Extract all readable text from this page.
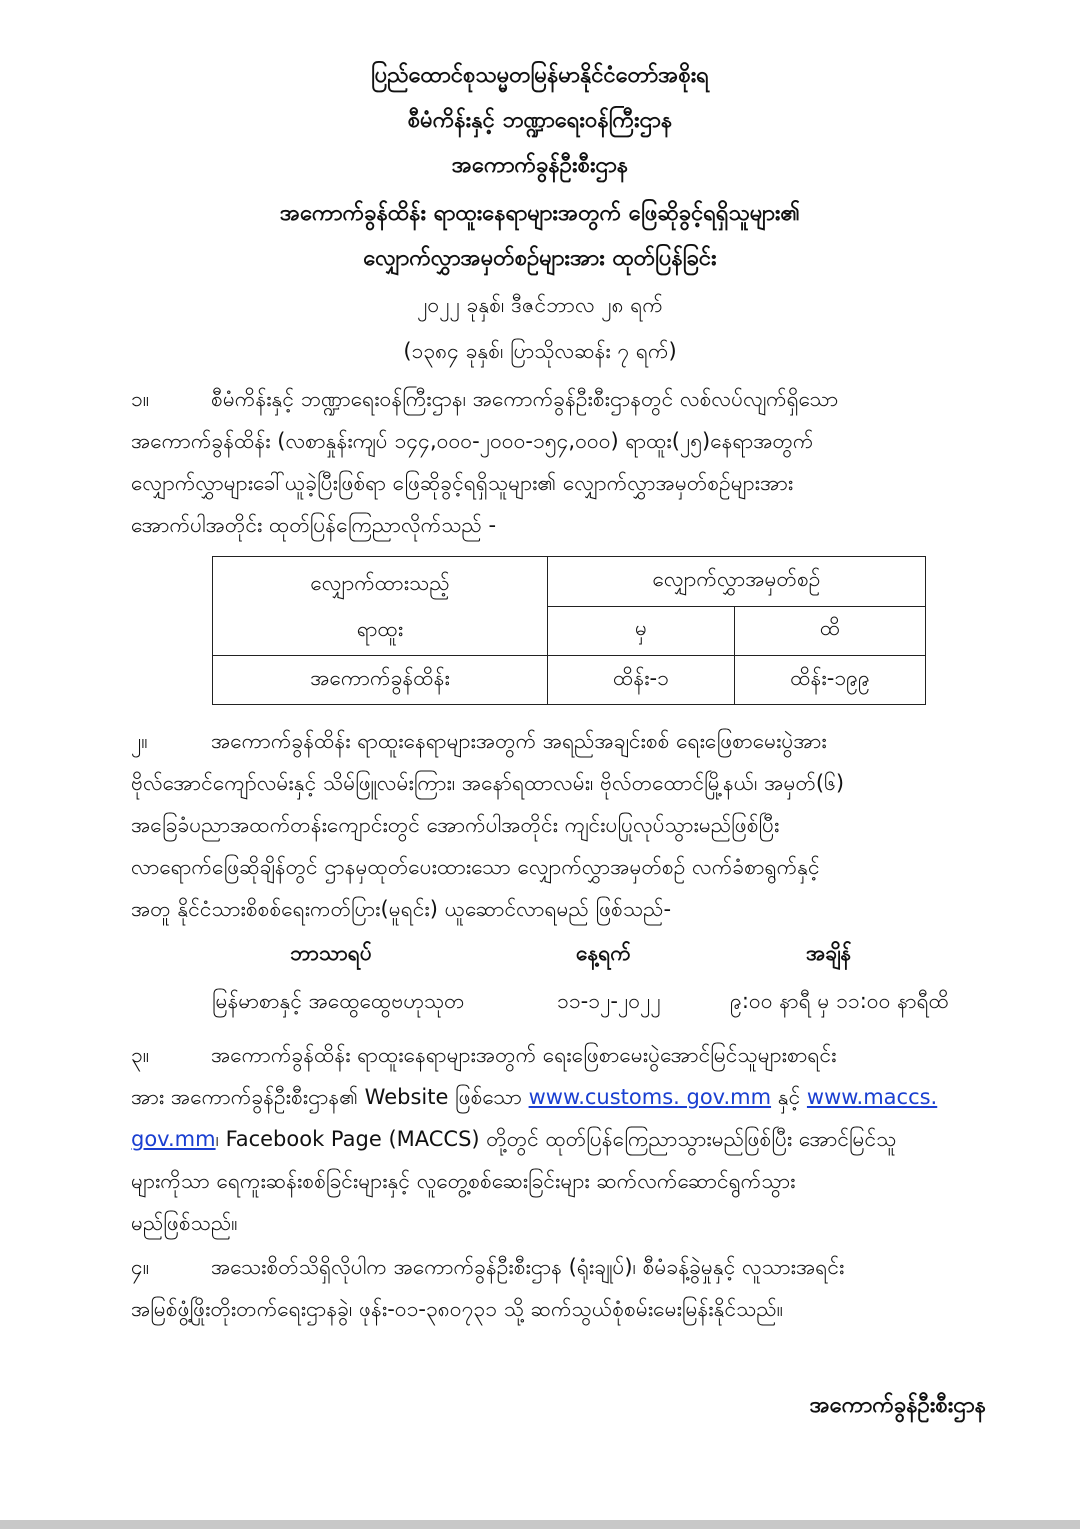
ပြည်ထောင်စုသမ္မတမြန်မာနိုင်ငံတော်အစိုးရ
စီမံကိန်းနှင့် ဘဏ္ဍာရေးဝန်ကြီးဌာန
အကောက်ခွန်ဦးစီးဌာန
အကောက်ခွန်ထိန်း ရာထူးနေရာများအတွက် ဖြေဆိုခွင့်ရရှိသူများ၏
လျှောက်လွှာအမှတ်စဉ်များအား ထုတ်ပြန်ခြင်း
၂၀၂၂ ခုနှစ်၊ ဒီဇင်ဘာလ ၂၈ ရက်
(၁၃၈၄ ခုနှစ်၊ ပြာသိုလဆန်း ၇ ရက်)
၁။	စီမံကိန်းနှင့် ဘဏ္ဍာရေးဝန်ကြီးဌာန၊ အကောက်ခွန်ဦးစီးဌာနတွင် လစ်လပ်လျက်ရှိသော
အကောက်ခွန်ထိန်း (လစာနှုန်းကျပ် ၁၄၄,၀၀၀-၂၀၀၀-၁၅၄,၀၀၀) ရာထူး(၂၅)နေရာအတွက်
လျှောက်လွှာများခေါ်ယူခဲ့ပြီးဖြစ်ရာ ဖြေဆိုခွင့်ရရှိသူများ၏ လျှောက်လွှာအမှတ်စဉ်များအား
အောက်ပါအတိုင်း ထုတ်ပြန်ကြေညာလိုက်သည် -
လျှောက်ထားသည့်
ရာထူး	လျှောက်လွှာအမှတ်စဉ်	
	မှ	ထိ
အကောက်ခွန်ထိန်း	ထိန်း-၁	ထိန်း-၁၉၉
၂။	အကောက်ခွန်ထိန်း ရာထူးနေရာများအတွက် အရည်အချင်းစစ် ရေးဖြေစာမေးပွဲအား
ဗိုလ်အောင်ကျော်လမ်းနှင့် သိမ်ဖြူလမ်းကြား၊ အနော်ရထာလမ်း၊ ဗိုလ်တထောင်မြို့နယ်၊ အမှတ်(၆)
အခြေခံပညာအထက်တန်းကျောင်းတွင် အောက်ပါအတိုင်း ကျင်းပပြုလုပ်သွားမည်ဖြစ်ပြီး
လာရောက်ဖြေဆိုချိန်တွင် ဌာနမှထုတ်ပေးထားသော လျှောက်လွှာအမှတ်စဉ် လက်ခံစာရွက်နှင့်
အတူ နိုင်ငံသားစိစစ်ရေးကတ်ပြား(မူရင်း) ယူဆောင်လာရမည် ဖြစ်သည်-
ဘာသာရပ်	နေ့ရက်	အချိန်
မြန်မာစာနှင့် အထွေထွေဗဟုသုတ	၁၁-၁၂-၂၀၂၂	၉:၀၀ နာရီ မှ ၁၁:၀၀ နာရီထိ
၃။	အကောက်ခွန်ထိန်း ရာထူးနေရာများအတွက် ရေးဖြေစာမေးပွဲအောင်မြင်သူများစာရင်း
အား အကောက်ခွန်ဦးစီးဌာန၏ Website ဖြစ်သော www.customs. gov.mm နှင့် www.maccs.
gov.mm၊ Facebook Page (MACCS) တို့တွင် ထုတ်ပြန်ကြေညာသွားမည်ဖြစ်ပြီး အောင်မြင်သူ
များကိုသာ ရေကူးဆန်းစစ်ခြင်းများနှင့် လူတွေ့စစ်ဆေးခြင်းများ ဆက်လက်ဆောင်ရွက်သွား
မည်ဖြစ်သည်။
၄။	အသေးစိတ်သိရှိလိုပါက အကောက်ခွန်ဦးစီးဌာန (ရုံးချုပ်)၊ စီမံခန့်ခွဲမှုနှင့် လူသားအရင်း
အမြစ်ဖွံ့ဖြိုးတိုးတက်ရေးဌာနခွဲ၊ ဖုန်း-၀၁-၃၈၀၇၃၁ သို့ ဆက်သွယ်စုံစမ်းမေးမြန်းနိုင်သည်။
အကောက်ခွန်ဦးစီးဌာန
